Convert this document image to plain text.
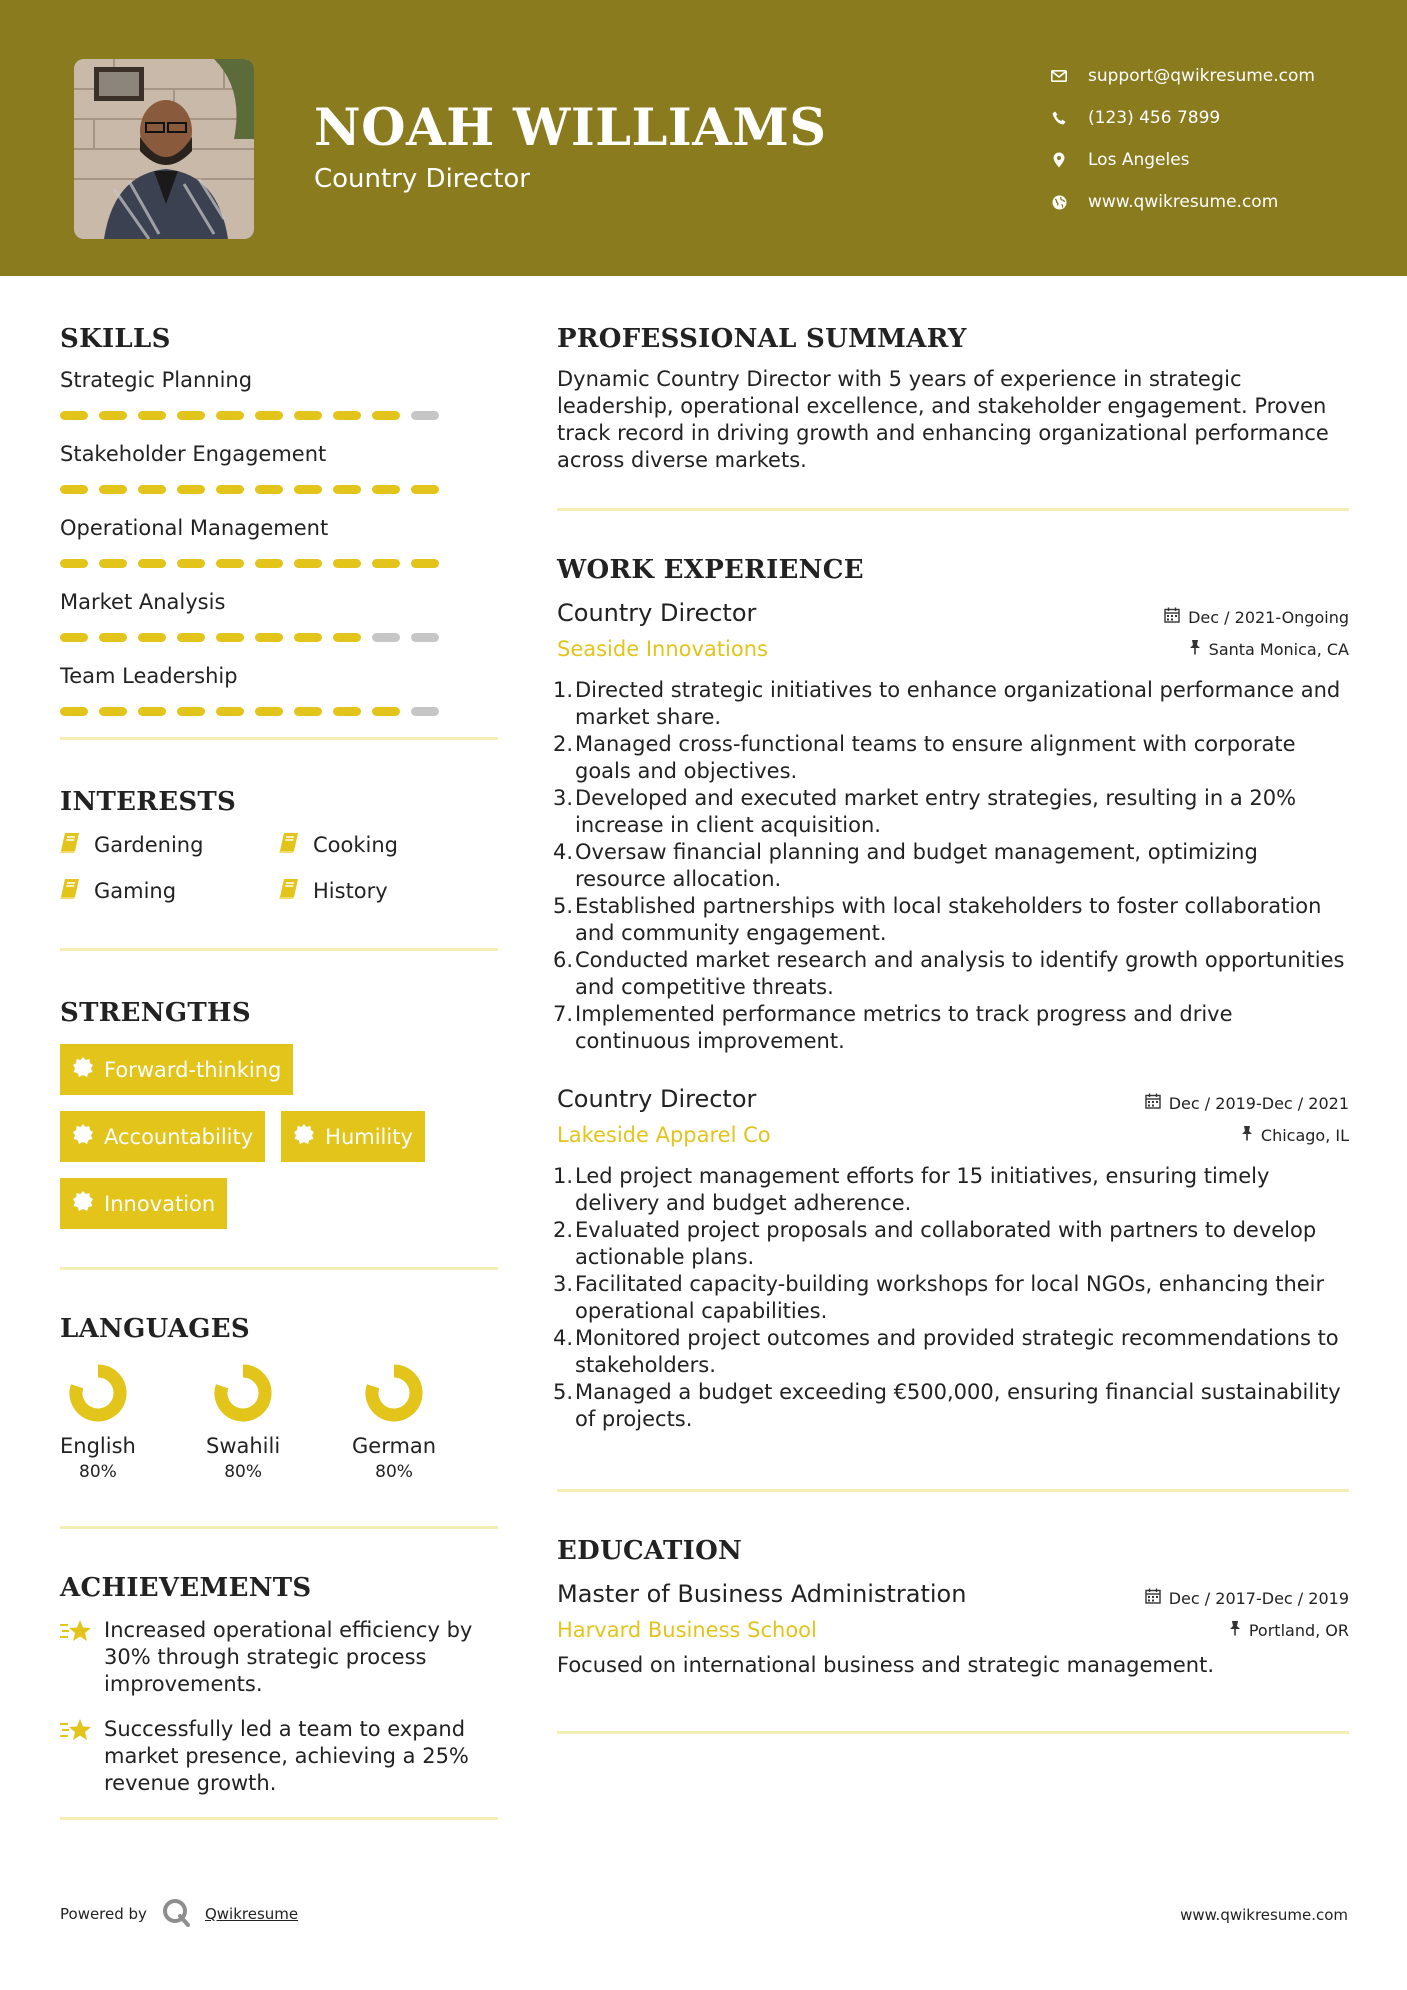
NOAH WILLIAMS
Country Director
support@qwikresume.com
(123) 456 7899
Los Angeles
www.qwikresume.com
SKILLS
Strategic Planning
Stakeholder Engagement
Operational Management
Market Analysis
Team Leadership
INTERESTS
Gardening	Cooking
Gaming	History
STRENGTHS
Forward-thinking
Accountability	Humility
Innovation
LANGUAGES
English
80%
Swahili
80%
German
80%
ACHIEVEMENTS
Increased operational efficiency by 30% through strategic process improvements.
Successfully led a team to expand market presence, achieving a 25% revenue growth.
Powered by	Qwikresume	www.qwikresume.com
PROFESSIONAL SUMMARY
Dynamic Country Director with 5 years of experience in strategic leadership, operational excellence, and stakeholder engagement. Proven track record in driving growth and enhancing organizational performance across diverse markets.
WORK EXPERIENCE
Country Director	Dec / 2021-Ongoing
Seaside Innovations	Santa Monica, CA
Directed strategic initiatives to enhance organizational performance and market share.
Managed cross-functional teams to ensure alignment with corporate goals and objectives.
Developed and executed market entry strategies, resulting in a 20% increase in client acquisition.
Oversaw financial planning and budget management, optimizing resource allocation.
Established partnerships with local stakeholders to foster collaboration and community engagement.
Conducted market research and analysis to identify growth opportunities and competitive threats.
Implemented performance metrics to track progress and drive continuous improvement.
Country Director	Dec / 2019-Dec / 2021
Lakeside Apparel Co	Chicago, IL
Led project management efforts for 15 initiatives, ensuring timely delivery and budget adherence.
Evaluated project proposals and collaborated with partners to develop actionable plans.
Facilitated capacity-building workshops for local NGOs, enhancing their operational capabilities.
Monitored project outcomes and provided strategic recommendations to stakeholders.
Managed a budget exceeding €500,000, ensuring financial sustainability of projects.
EDUCATION
Master of Business Administration	Dec / 2017-Dec / 2019
Harvard Business School	Portland, OR
Focused on international business and strategic management.
